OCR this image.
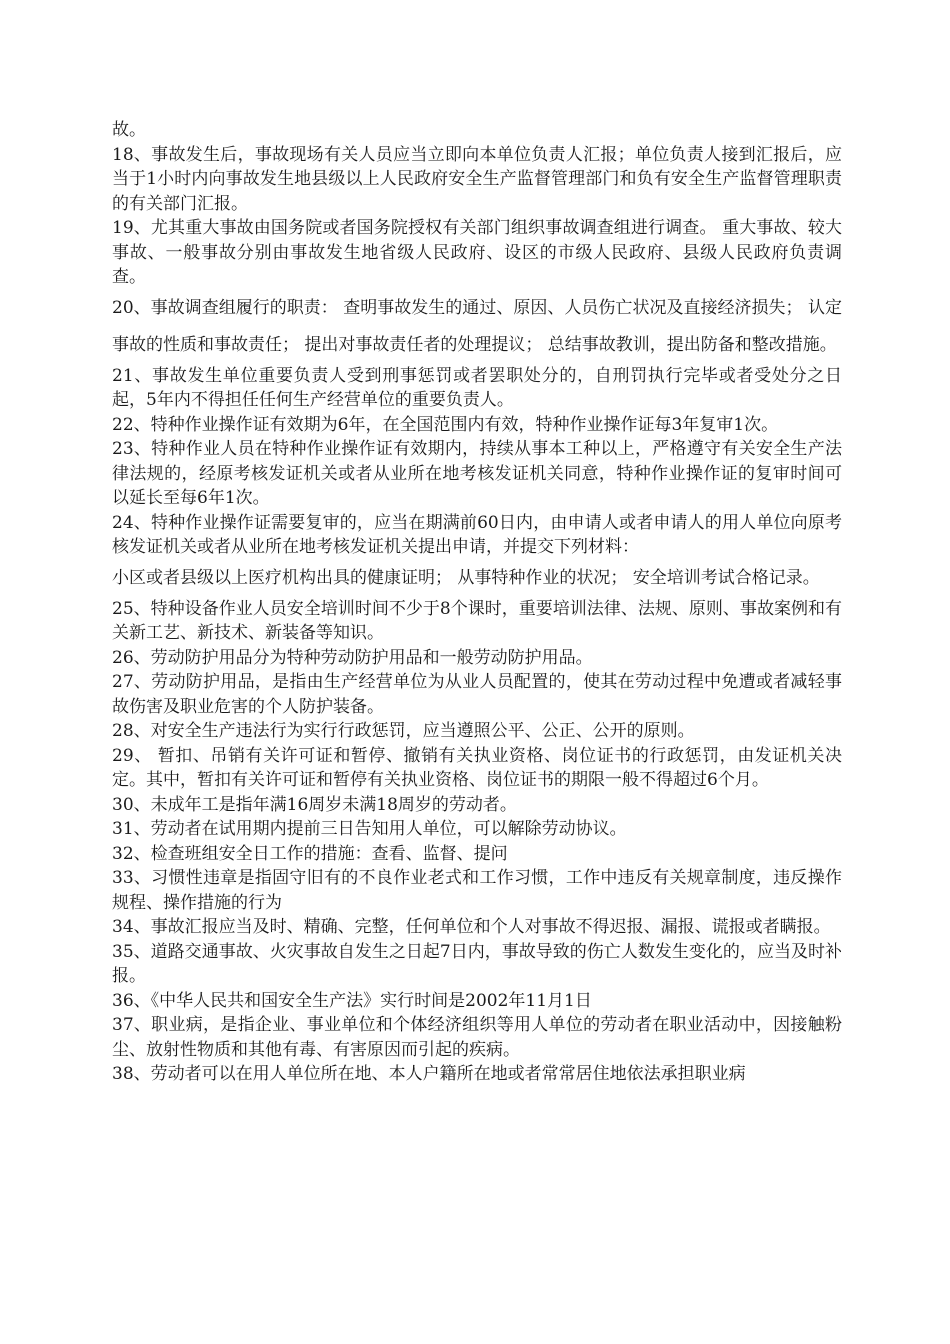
故。

18、事故发生后，事故现场有关人员应当立即向本单位负责人汇报；单位负责人接到汇报后，应当于1小时内向事故发生地县级以上人民政府安全生产监督管理部门和负有安全生产监督管理职责的有关部门汇报。

19、尤其重大事故由国务院或者国务院授权有关部门组织事故调查组进行调查。 重大事故、较大事故、一般事故分别由事故发生地省级人民政府、设区的市级人民政府、县级人民政府负责调查。

20、事故调查组履行的职责： 查明事故发生的通过、原因、人员伤亡状况及直接经济损失； 认定事故的性质和事故责任； 提出对事故责任者的处理提议； 总结事故教训，提出防备和整改措施。

21、事故发生单位重要负责人受到刑事惩罚或者罢职处分的，自刑罚执行完毕或者受处分之日起，5年内不得担任任何生产经营单位的重要负责人。

22、特种作业操作证有效期为6年，在全国范围内有效，特种作业操作证每3年复审1次。

23、特种作业人员在特种作业操作证有效期内，持续从事本工种以上，严格遵守有关安全生产法律法规的，经原考核发证机关或者从业所在地考核发证机关同意，特种作业操作证的复审时间可以延长至每6年1次。

24、特种作业操作证需要复审的，应当在期满前60日内，由申请人或者申请人的用人单位向原考核发证机关或者从业所在地考核发证机关提出申请，并提交下列材料：

小区或者县级以上医疗机构出具的健康证明； 从事特种作业的状况； 安全培训考试合格记录。

25、特种设备作业人员安全培训时间不少于8个课时，重要培训法律、法规、原则、事故案例和有关新工艺、新技术、新装备等知识。

26、劳动防护用品分为特种劳动防护用品和一般劳动防护用品。

27、劳动防护用品，是指由生产经营单位为从业人员配置的，使其在劳动过程中免遭或者减轻事故伤害及职业危害的个人防护装备。

28、对安全生产违法行为实行行政惩罚，应当遵照公平、公正、公开的原则。

29、 暂扣、吊销有关许可证和暂停、撤销有关执业资格、岗位证书的行政惩罚，由发证机关决定。其中，暂扣有关许可证和暂停有关执业资格、岗位证书的期限一般不得超过6个月。

30、未成年工是指年满16周岁未满18周岁的劳动者。

31、劳动者在试用期内提前三日告知用人单位，可以解除劳动协议。

32、检查班组安全日工作的措施：查看、监督、提问

33、习惯性违章是指固守旧有的不良作业老式和工作习惯，工作中违反有关规章制度，违反操作规程、操作措施的行为

34、事故汇报应当及时、精确、完整，任何单位和个人对事故不得迟报、漏报、谎报或者瞒报。

35、道路交通事故、火灾事故自发生之日起7日内，事故导致的伤亡人数发生变化的，应当及时补报。

36、《中华人民共和国安全生产法》实行时间是2002年11月1日

37、职业病，是指企业、事业单位和个体经济组织等用人单位的劳动者在职业活动中，因接触粉尘、放射性物质和其他有毒、有害原因而引起的疾病。

38、劳动者可以在用人单位所在地、本人户籍所在地或者常常居住地依法承担职业病
